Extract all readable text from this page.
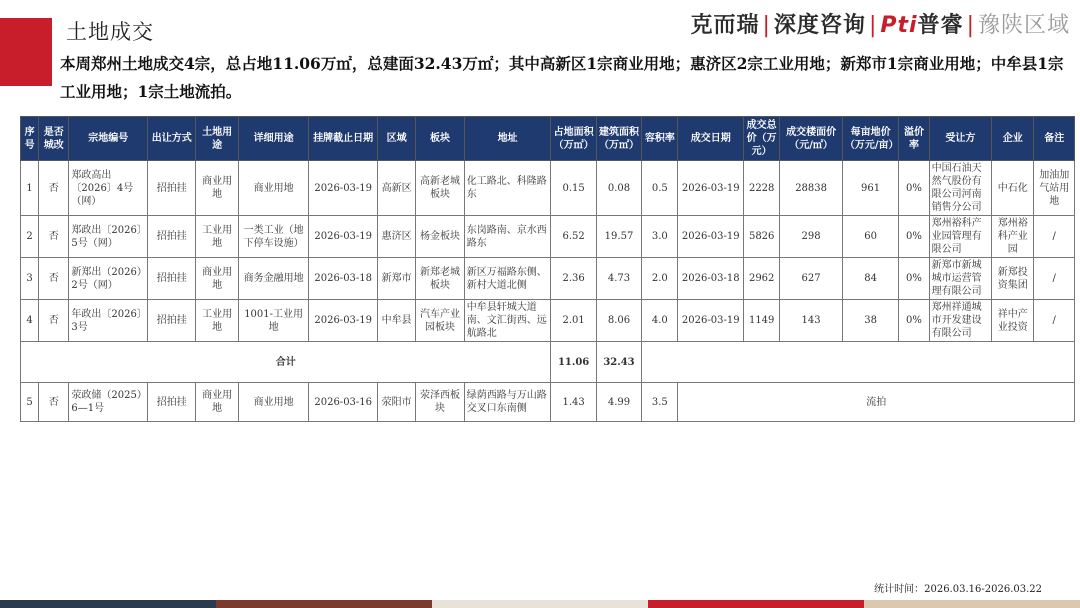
土地成交	克而瑞 | 深度咨询 | Pti普睿 | 豫陕区域
本周郑州土地成交4宗，总占地11.06万㎡，总建面32.43万㎡；其中高新区1宗商业用地；惠济区2宗工业用地；新郑市1宗商业用地；中牟县1宗工业用地；1宗土地流拍。
序号	是否城改	宗地编号	出让方式	土地用途	详细用途	挂牌截止日期	区域	板块	地址	占地面积（万㎡）	建筑面积（万㎡）	容积率	成交日期	成交总价（万元）	成交楼面价（元/㎡）	每亩地价（万元/亩）	溢价率	受让方	企业	备注
1	否	郑政高出〔2026〕4号（网）	招拍挂	商业用地	商业用地	2026-03-19	高新区	高新老城板块	化工路北、科隆路东	0.15	0.08	0.5	2026-03-19	2228	28838	961	0%	中国石油天然气股份有限公司河南销售分公司	中石化	加油加气站用地
2	否	郑政出〔2026〕5号（网）	招拍挂	工业用地	一类工业（地下停车设施）	2026-03-19	惠济区	杨金板块	东岗路南、京水西路东	6.52	19.57	3.0	2026-03-19	5826	298	60	0%	郑州裕科产业园管理有限公司	郑州裕科产业园	/
3	否	新郑出（2026）2号（网）	招拍挂	商业用地	商务金融用地	2026-03-18	新郑市	新郑老城板块	新区万福路东侧、新村大道北侧	2.36	4.73	2.0	2026-03-18	2962	627	84	0%	新郑市新城城市运营管理有限公司	新郑投资集团	/
4	否	年政出〔2026〕3号	招拍挂	工业用地	1001-工业用地	2026-03-19	中牟县	汽车产业园板块	中牟县轩城大道南、文汇街西、远航路北	2.01	8.06	4.0	2026-03-19	1149	143	38	0%	郑州祥通城市开发建设有限公司	祥中产业投资	/
合计										11.06	32.43									
5	否	荥政储（2025）6—1号	招拍挂	商业用地	商业用地	2026-03-16	荥阳市	荥泽西板块	绿荫西路与万山路交叉口东南侧	1.43	4.99	3.5	流拍							
统计时间：2026.03.16-2026.03.22
